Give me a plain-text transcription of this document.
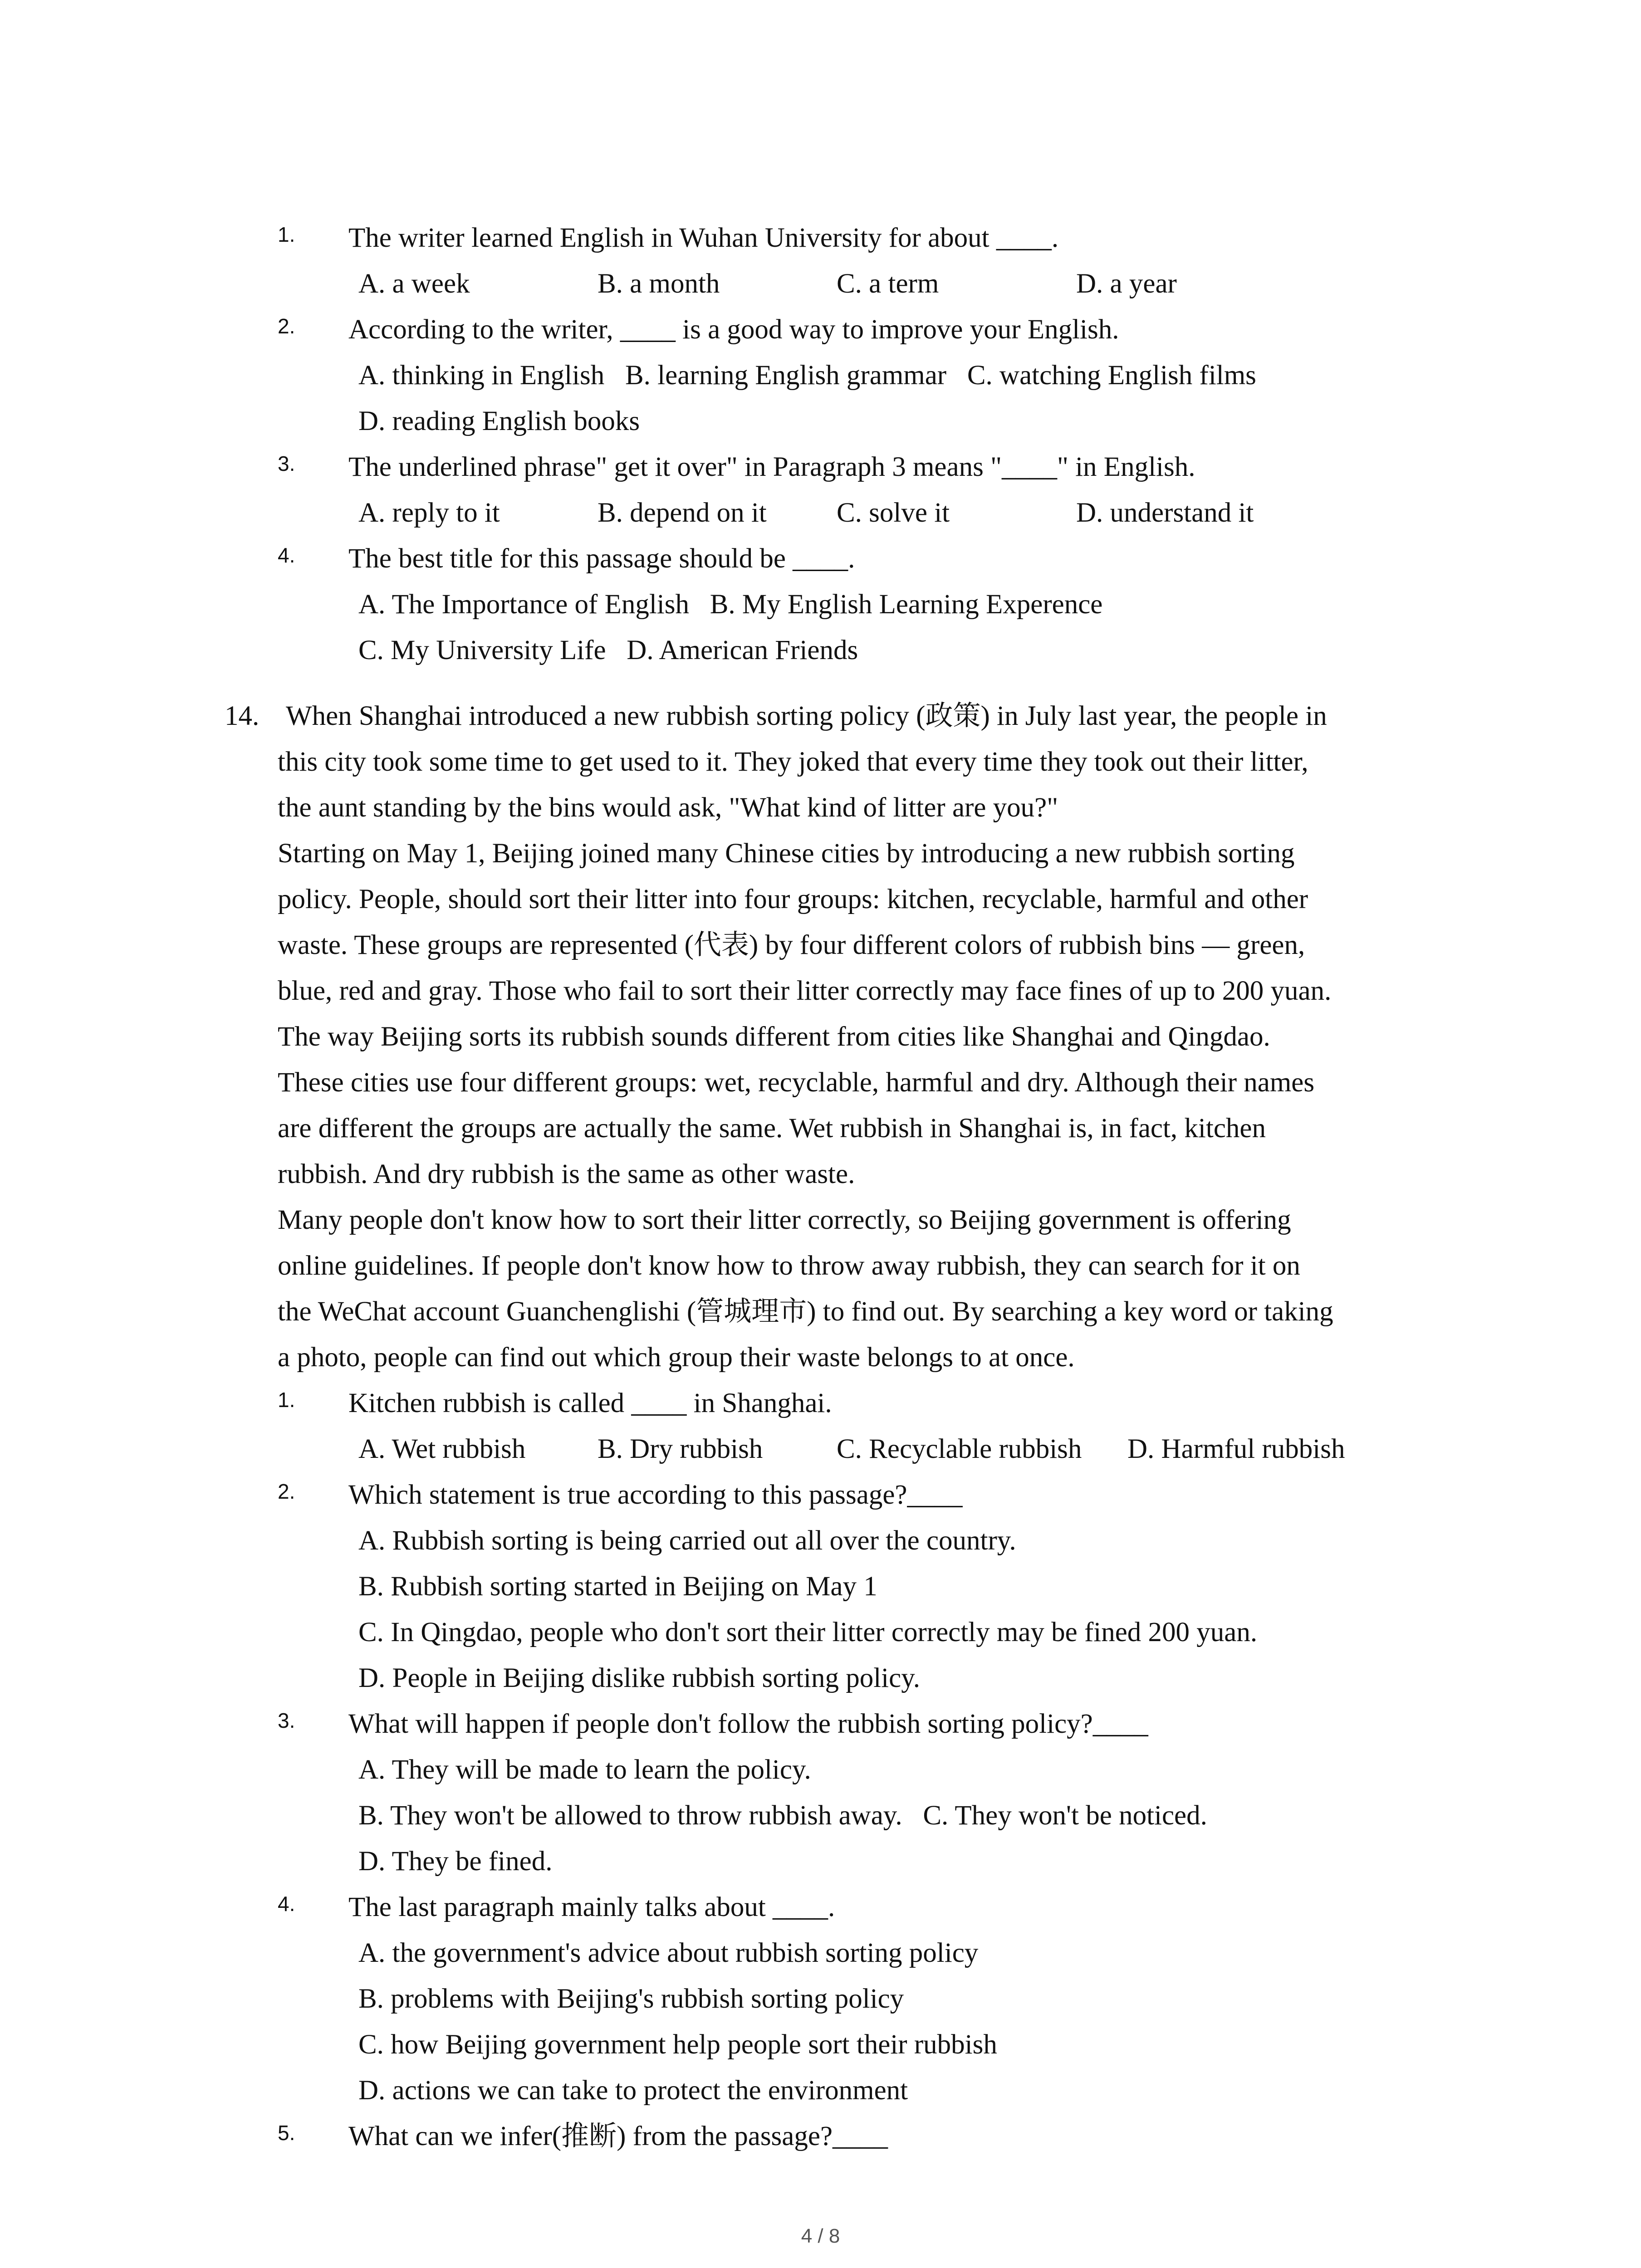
1. The writer learned English in Wuhan University for about ____.
A. a week	B. a month	C. a term	D. a year
2. According to the writer, ____ is a good way to improve your English.
A. thinking in English   B. learning English grammar   C. watching English films
D. reading English books
3. The underlined phrase" get it over" in Paragraph 3 means "____" in English.
A. reply to it	B. depend on it	C. solve it	D. understand it
4. The best title for this passage should be ____.
A. The Importance of English   B. My English Learning Experence
C. My University Life   D. American Friends
14. When Shanghai introduced a new rubbish sorting policy (政策) in July last year, the people in
this city took some time to get used to it. They joked that every time they took out their litter,
the aunt standing by the bins would ask, "What kind of litter are you?"
Starting on May 1, Beijing joined many Chinese cities by introducing a new rubbish sorting
policy. People, should sort their litter into four groups: kitchen, recyclable, harmful and other
waste. These groups are represented (代表) by four different colors of rubbish bins — green,
blue, red and gray. Those who fail to sort their litter correctly may face fines of up to 200 yuan.
The way Beijing sorts its rubbish sounds different from cities like Shanghai and Qingdao.
These cities use four different groups: wet, recyclable, harmful and dry. Although their names
are different the groups are actually the same. Wet rubbish in Shanghai is, in fact, kitchen
rubbish. And dry rubbish is the same as other waste.
Many people don't know how to sort their litter correctly, so Beijing government is offering
online guidelines. If people don't know how to throw away rubbish, they can search for it on
the WeChat account Guanchenglishi (管城理市) to find out. By searching a key word or taking
a photo, people can find out which group their waste belongs to at once.
1. Kitchen rubbish is called ____ in Shanghai.
A. Wet rubbish	B. Dry rubbish	C. Recyclable rubbish D. Harmful rubbish
2. Which statement is true according to this passage?____
A. Rubbish sorting is being carried out all over the country.
B. Rubbish sorting started in Beijing on May 1
C. In Qingdao, people who don't sort their litter correctly may be fined 200 yuan.
D. People in Beijing dislike rubbish sorting policy.
3. What will happen if people don't follow the rubbish sorting policy?____
A. They will be made to learn the policy.
B. They won't be allowed to throw rubbish away.   C. They won't be noticed.
D. They be fined.
4. The last paragraph mainly talks about ____.
A. the government's advice about rubbish sorting policy
B. problems with Beijing's rubbish sorting policy
C. how Beijing government help people sort their rubbish
D. actions we can take to protect the environment
5. What can we infer(推断) from the passage?____
4 / 8
